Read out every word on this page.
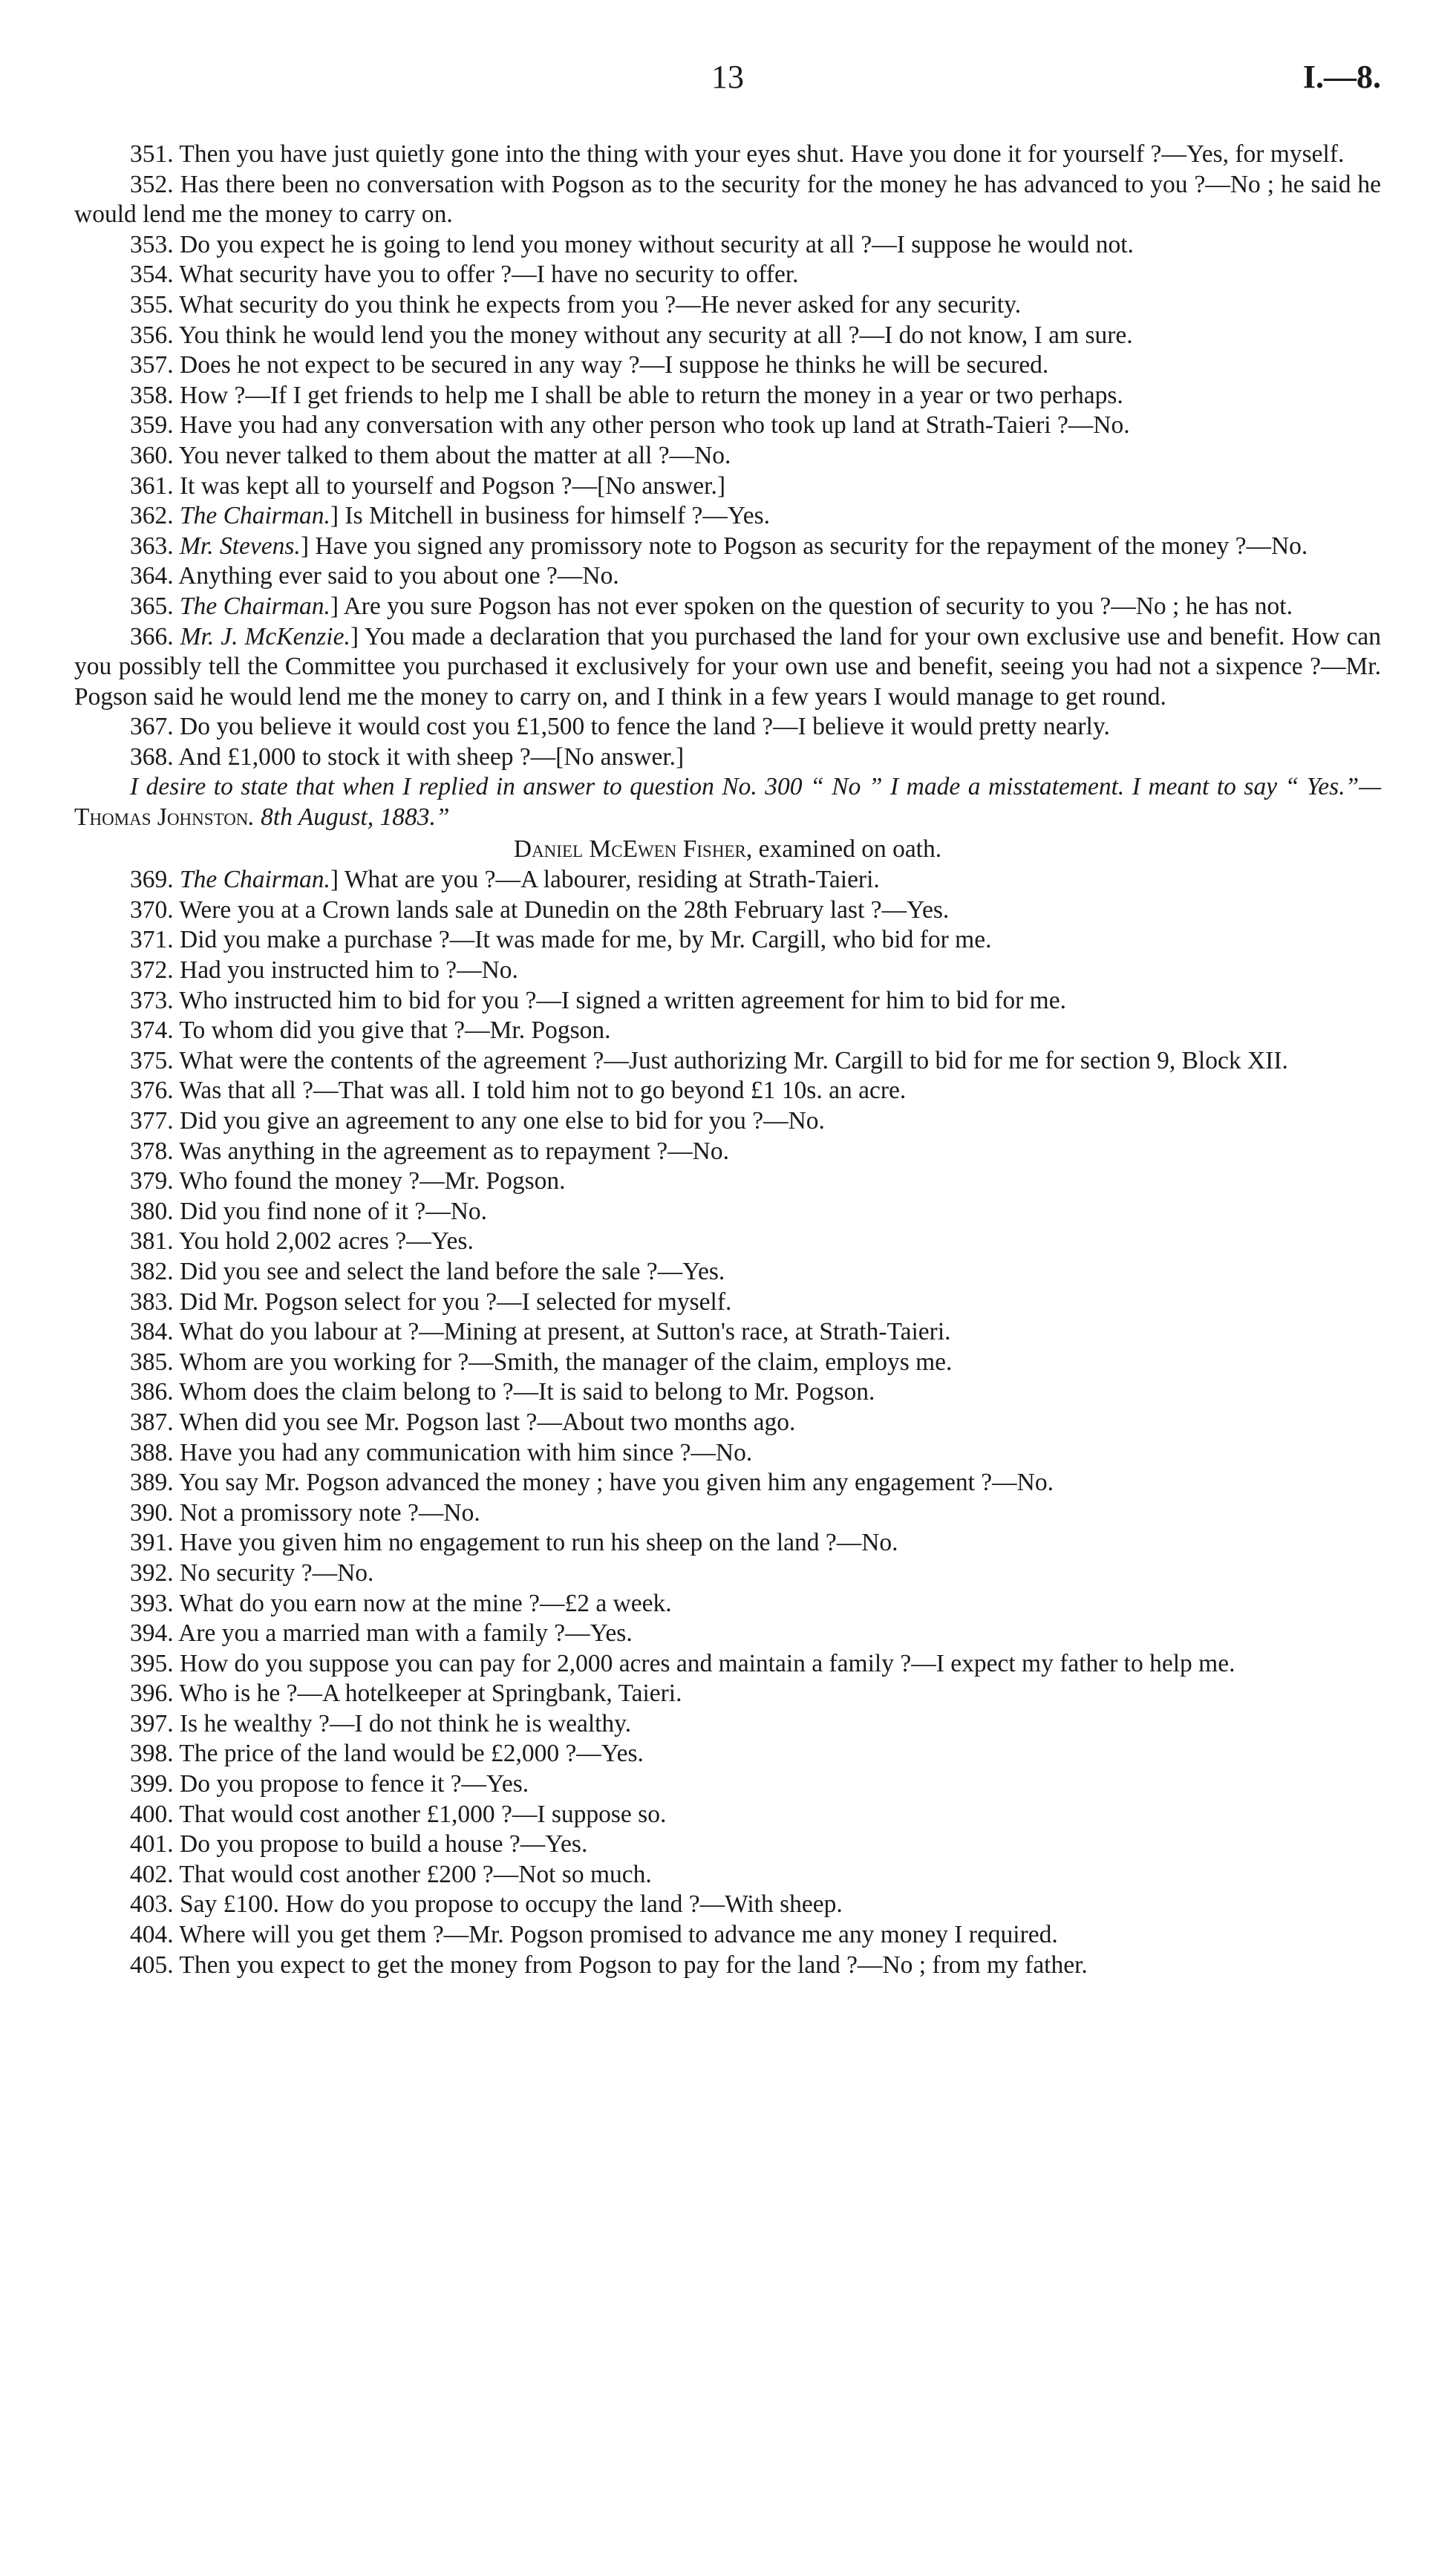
13	I.—8.

351. Then you have just quietly gone into the thing with your eyes shut. Have you done it for yourself ?—Yes, for myself.

352. Has there been no conversation with Pogson as to the security for the money he has advanced to you ?—No ; he said he would lend me the money to carry on.

353. Do you expect he is going to lend you money without security at all ?—I suppose he would not.

354. What security have you to offer ?—I have no security to offer.

355. What security do you think he expects from you ?—He never asked for any security.

356. You think he would lend you the money without any security at all ?—I do not know, I am sure.

357. Does he not expect to be secured in any way ?—I suppose he thinks he will be secured.

358. How ?—If I get friends to help me I shall be able to return the money in a year or two perhaps.

359. Have you had any conversation with any other person who took up land at Strath-Taieri ?—No.

360. You never talked to them about the matter at all ?—No.

361. It was kept all to yourself and Pogson ?—[No answer.]

362. The Chairman.] Is Mitchell in business for himself ?—Yes.

363. Mr. Stevens.] Have you signed any promissory note to Pogson as security for the repayment of the money ?—No.

364. Anything ever said to you about one ?—No.

365. The Chairman.] Are you sure Pogson has not ever spoken on the question of security to you ?—No ; he has not.

366. Mr. J. McKenzie.] You made a declaration that you purchased the land for your own exclusive use and benefit. How can you possibly tell the Committee you purchased it exclusively for your own use and benefit, seeing you had not a sixpence ?—Mr. Pogson said he would lend me the money to carry on, and I think in a few years I would manage to get round.

367. Do you believe it would cost you £1,500 to fence the land ?—I believe it would pretty nearly.

368. And £1,000 to stock it with sheep ?—[No answer.]

I desire to state that when I replied in answer to question No. 300 “ No ” I made a misstatement. I meant to say “ Yes.”—Thomas Johnston. 8th August, 1883.”

Daniel McEwen Fisher, examined on oath.

369. The Chairman.] What are you ?—A labourer, residing at Strath-Taieri.

370. Were you at a Crown lands sale at Dunedin on the 28th February last ?—Yes.

371. Did you make a purchase ?—It was made for me, by Mr. Cargill, who bid for me.

372. Had you instructed him to ?—No.

373. Who instructed him to bid for you ?—I signed a written agreement for him to bid for me.

374. To whom did you give that ?—Mr. Pogson.

375. What were the contents of the agreement ?—Just authorizing Mr. Cargill to bid for me for section 9, Block XII.

376. Was that all ?—That was all. I told him not to go beyond £1 10s. an acre.

377. Did you give an agreement to any one else to bid for you ?—No.

378. Was anything in the agreement as to repayment ?—No.

379. Who found the money ?—Mr. Pogson.

380. Did you find none of it ?—No.

381. You hold 2,002 acres ?—Yes.

382. Did you see and select the land before the sale ?—Yes.

383. Did Mr. Pogson select for you ?—I selected for myself.

384. What do you labour at ?—Mining at present, at Sutton's race, at Strath-Taieri.

385. Whom are you working for ?—Smith, the manager of the claim, employs me.

386. Whom does the claim belong to ?—It is said to belong to Mr. Pogson.

387. When did you see Mr. Pogson last ?—About two months ago.

388. Have you had any communication with him since ?—No.

389. You say Mr. Pogson advanced the money ; have you given him any engagement ?—No.

390. Not a promissory note ?—No.

391. Have you given him no engagement to run his sheep on the land ?—No.

392. No security ?—No.

393. What do you earn now at the mine ?—£2 a week.

394. Are you a married man with a family ?—Yes.

395. How do you suppose you can pay for 2,000 acres and maintain a family ?—I expect my father to help me.

396. Who is he ?—A hotelkeeper at Springbank, Taieri.

397. Is he wealthy ?—I do not think he is wealthy.

398. The price of the land would be £2,000 ?—Yes.

399. Do you propose to fence it ?—Yes.

400. That would cost another £1,000 ?—I suppose so.

401. Do you propose to build a house ?—Yes.

402. That would cost another £200 ?—Not so much.

403. Say £100. How do you propose to occupy the land ?—With sheep.

404. Where will you get them ?—Mr. Pogson promised to advance me any money I required.

405. Then you expect to get the money from Pogson to pay for the land ?—No ; from my father.
